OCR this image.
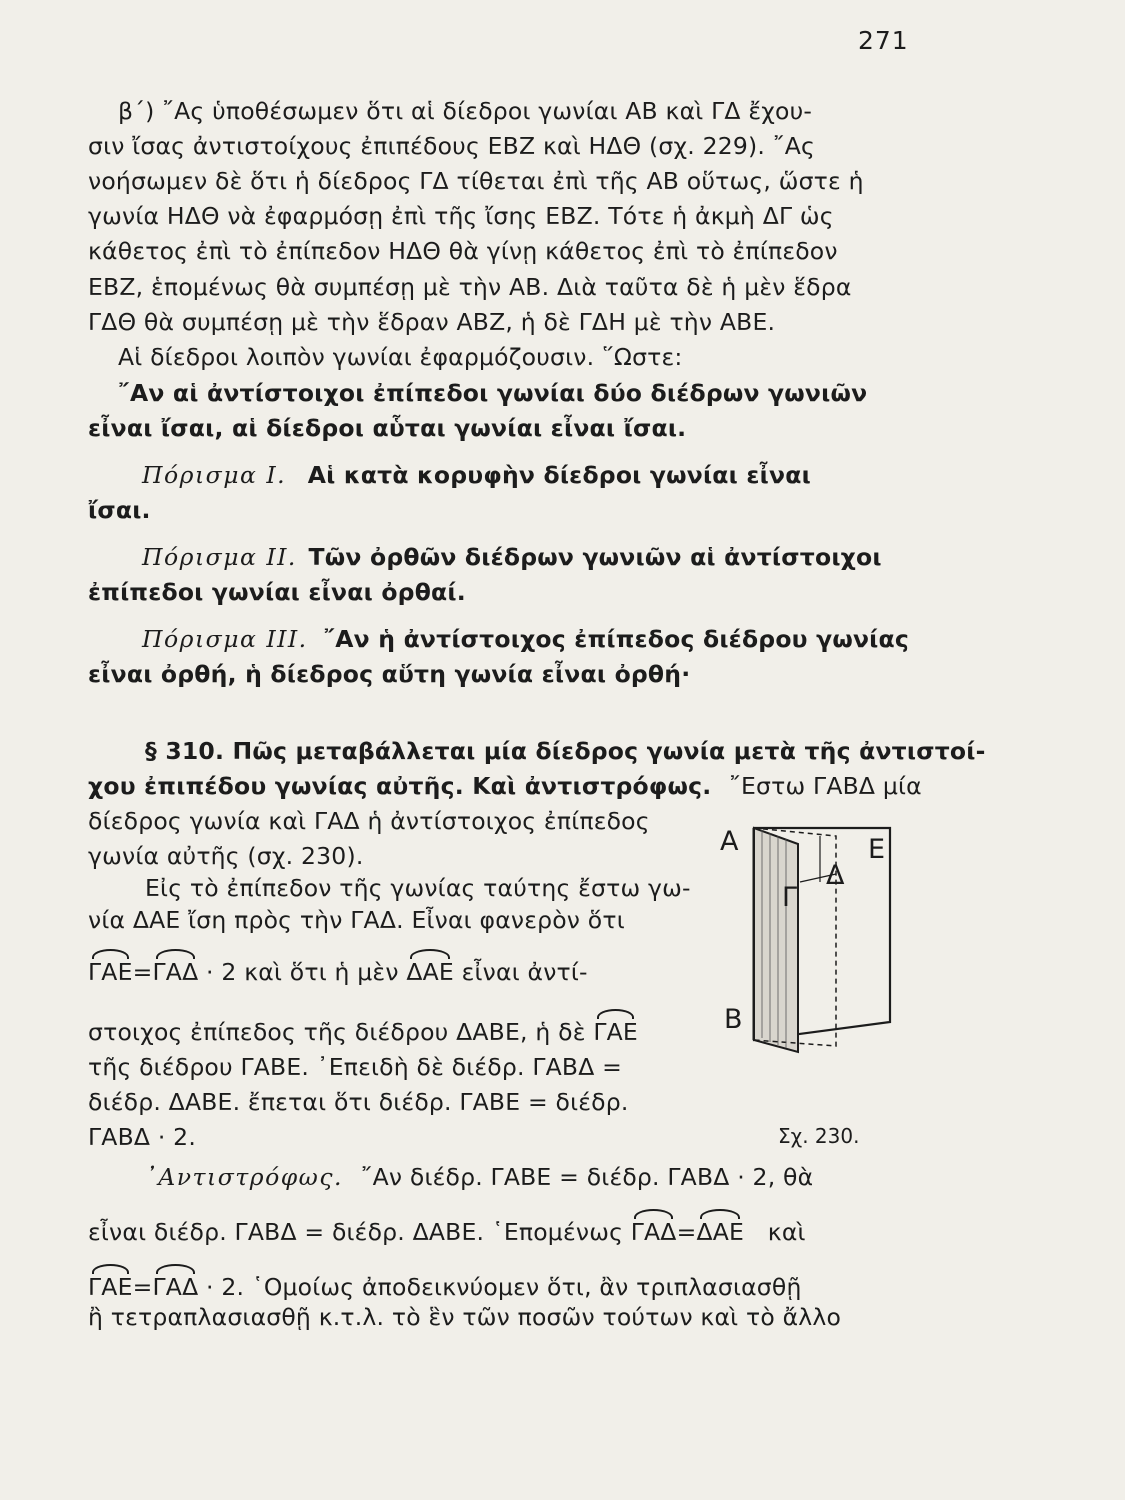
271
β΄) ῎Ας ὑποθέσωμεν ὅτι αἱ δίεδροι γωνίαι ΑΒ καὶ ΓΔ ἔχου-
σιν ἴσας ἀντιστοίχους ἐπιπέδους ΕΒΖ καὶ ΗΔΘ (σχ. 229). ῎Ας
νοήσωμεν δὲ ὅτι ἡ δίεδρος ΓΔ τίθεται ἐπὶ τῆς ΑΒ οὕτως, ὥστε ἡ
γωνία ΗΔΘ νὰ ἐφαρμόσῃ ἐπὶ τῆς ἴσης ΕΒΖ. Τότε ἡ ἀκμὴ ΔΓ ὡς
κάθετος ἐπὶ τὸ ἐπίπεδον ΗΔΘ θὰ γίνῃ κάθετος ἐπὶ τὸ ἐπίπεδον
ΕΒΖ, ἑπομένως θὰ συμπέσῃ μὲ τὴν ΑΒ. Διὰ ταῦτα δὲ ἡ μὲν ἕδρα
ΓΔΘ θὰ συμπέσῃ μὲ τὴν ἕδραν ΑΒΖ, ἡ δὲ ΓΔΗ μὲ τὴν ΑΒΕ.
Αἱ δίεδροι λοιπὸν γωνίαι ἐφαρμόζουσιν. ῞Ωστε:
῎Αν αἱ ἀντίστοιχοι ἐπίπεδοι γωνίαι δύο διέδρων γωνιῶν
εἶναι ἴσαι, αἱ δίεδροι αὗται γωνίαι εἶναι ἴσαι.
Πόρισμα I. Αἱ κατὰ κορυφὴν δίεδροι γωνίαι εἶναι
ἴσαι.
Πόρισμα II. Τῶν ὀρθῶν διέδρων γωνιῶν αἱ ἀντίστοιχοι
ἐπίπεδοι γωνίαι εἶναι ὀρθαί.
Πόρισμα III. ῎Αν ἡ ἀντίστοιχος ἐπίπεδος διέδρου γωνίας
εἶναι ὀρθή, ἡ δίεδρος αὕτη γωνία εἶναι ὀρθή·
§ 310. Πῶς μεταβάλλεται μία δίεδρος γωνία μετὰ τῆς ἀντιστοί-
χου ἐπιπέδου γωνίας αὐτῆς. Καὶ ἀντιστρόφως. ῎Εστω ΓΑΒΔ μία
δίεδρος γωνία καὶ ΓΑΔ ἡ ἀντίστοιχος ἐπίπεδος
γωνία αὐτῆς (σχ. 230).
Εἰς τὸ ἐπίπεδον τῆς γωνίας ταύτης ἔστω γω-
νία ΔΑΕ ἴση πρὸς τὴν ΓΑΔ. Εἶναι φανερὸν ὅτι
ΓΑΕ=ΓΑΔ · 2 καὶ ὅτι ἡ μὲν ΔΑΕ εἶναι ἀντί-
στοιχος ἐπίπεδος τῆς διέδρου ΔΑΒΕ, ἡ δὲ ΓΑΕ
τῆς διέδρου ΓΑΒΕ. ᾿Επειδὴ δὲ διέδρ. ΓΑΒΔ =
διέδρ. ΔΑΒΕ. ἔπεται ὅτι διέδρ. ΓΑΒΕ = διέδρ.
ΓΑΒΔ · 2.
᾿Αντιστρόφως. ῎Αν διέδρ. ΓΑΒΕ = διέδρ. ΓΑΒΔ · 2, θὰ
εἶναι διέδρ. ΓΑΒΔ = διέδρ. ΔΑΒΕ. ῾Επομένως ΓΑΔ=ΔΑΕ καὶ
ΓΑΕ=ΓΑΔ · 2. ῾Ομοίως ἀποδεικνύομεν ὅτι, ἂν τριπλασιασθῇ
ἢ τετραπλασιασθῇ κ.τ.λ. τὸ ἓν τῶν ποσῶν τούτων καὶ τὸ ἄλλο
Α	Ε
Δ
Γ
Β
Σχ. 230.
